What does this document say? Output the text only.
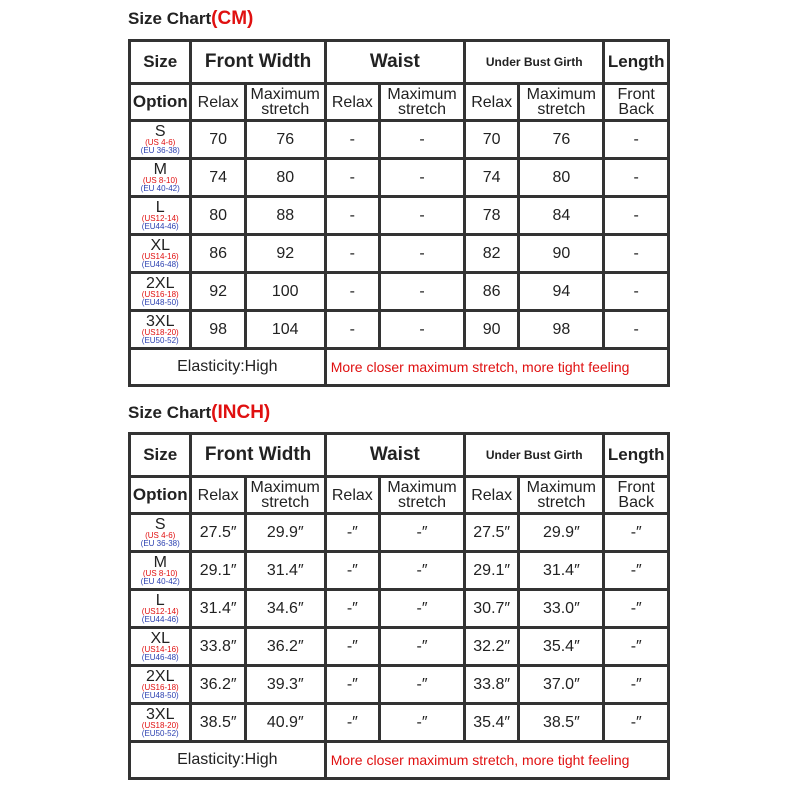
Size Chart(CM)
Size	Front Width		Waist		Under Bust Girth		Length
Option	Relax	Maximum stretch	Relax	Maximum stretch	Relax	Maximum stretch	Front Back

S
(US 4-6)
(EU 36-38)	70	76	-	-	70	76	-

M
(US 8-10)
(EU 40-42)	74	80	-	-	74	80	-

L
(US12-14)
(EU44-46)	80	88	-	-	78	84	-

XL
(US14-16)
(EU46-48)	86	92	-	-	82	90	-

2XL
(US16-18)
(EU48-50)	92	100	-	-	86	94	-

3XL
(US18-20)
(EU50-52)	98	104	-	-	90	98	-
Elasticity:High			More closer maximum stretch, more tight feeling				
Size Chart(INCH)
Size	Front Width		Waist		Under Bust Girth		Length
Option	Relax	Maximum stretch	Relax	Maximum stretch	Relax	Maximum stretch	Front Back

S
(US 4-6)
(EU 36-38)	27.5″	29.9″	-″	-″	27.5″	29.9″	-″

M
(US 8-10)
(EU 40-42)	29.1″	31.4″	-″	-″	29.1″	31.4″	-″

L
(US12-14)
(EU44-46)	31.4″	34.6″	-″	-″	30.7″	33.0″	-″

XL
(US14-16)
(EU46-48)	33.8″	36.2″	-″	-″	32.2″	35.4″	-″

2XL
(US16-18)
(EU48-50)	36.2″	39.3″	-″	-″	33.8″	37.0″	-″

3XL
(US18-20)
(EU50-52)	38.5″	40.9″	-″	-″	35.4″	38.5″	-″
Elasticity:High			More closer maximum stretch, more tight feeling				
